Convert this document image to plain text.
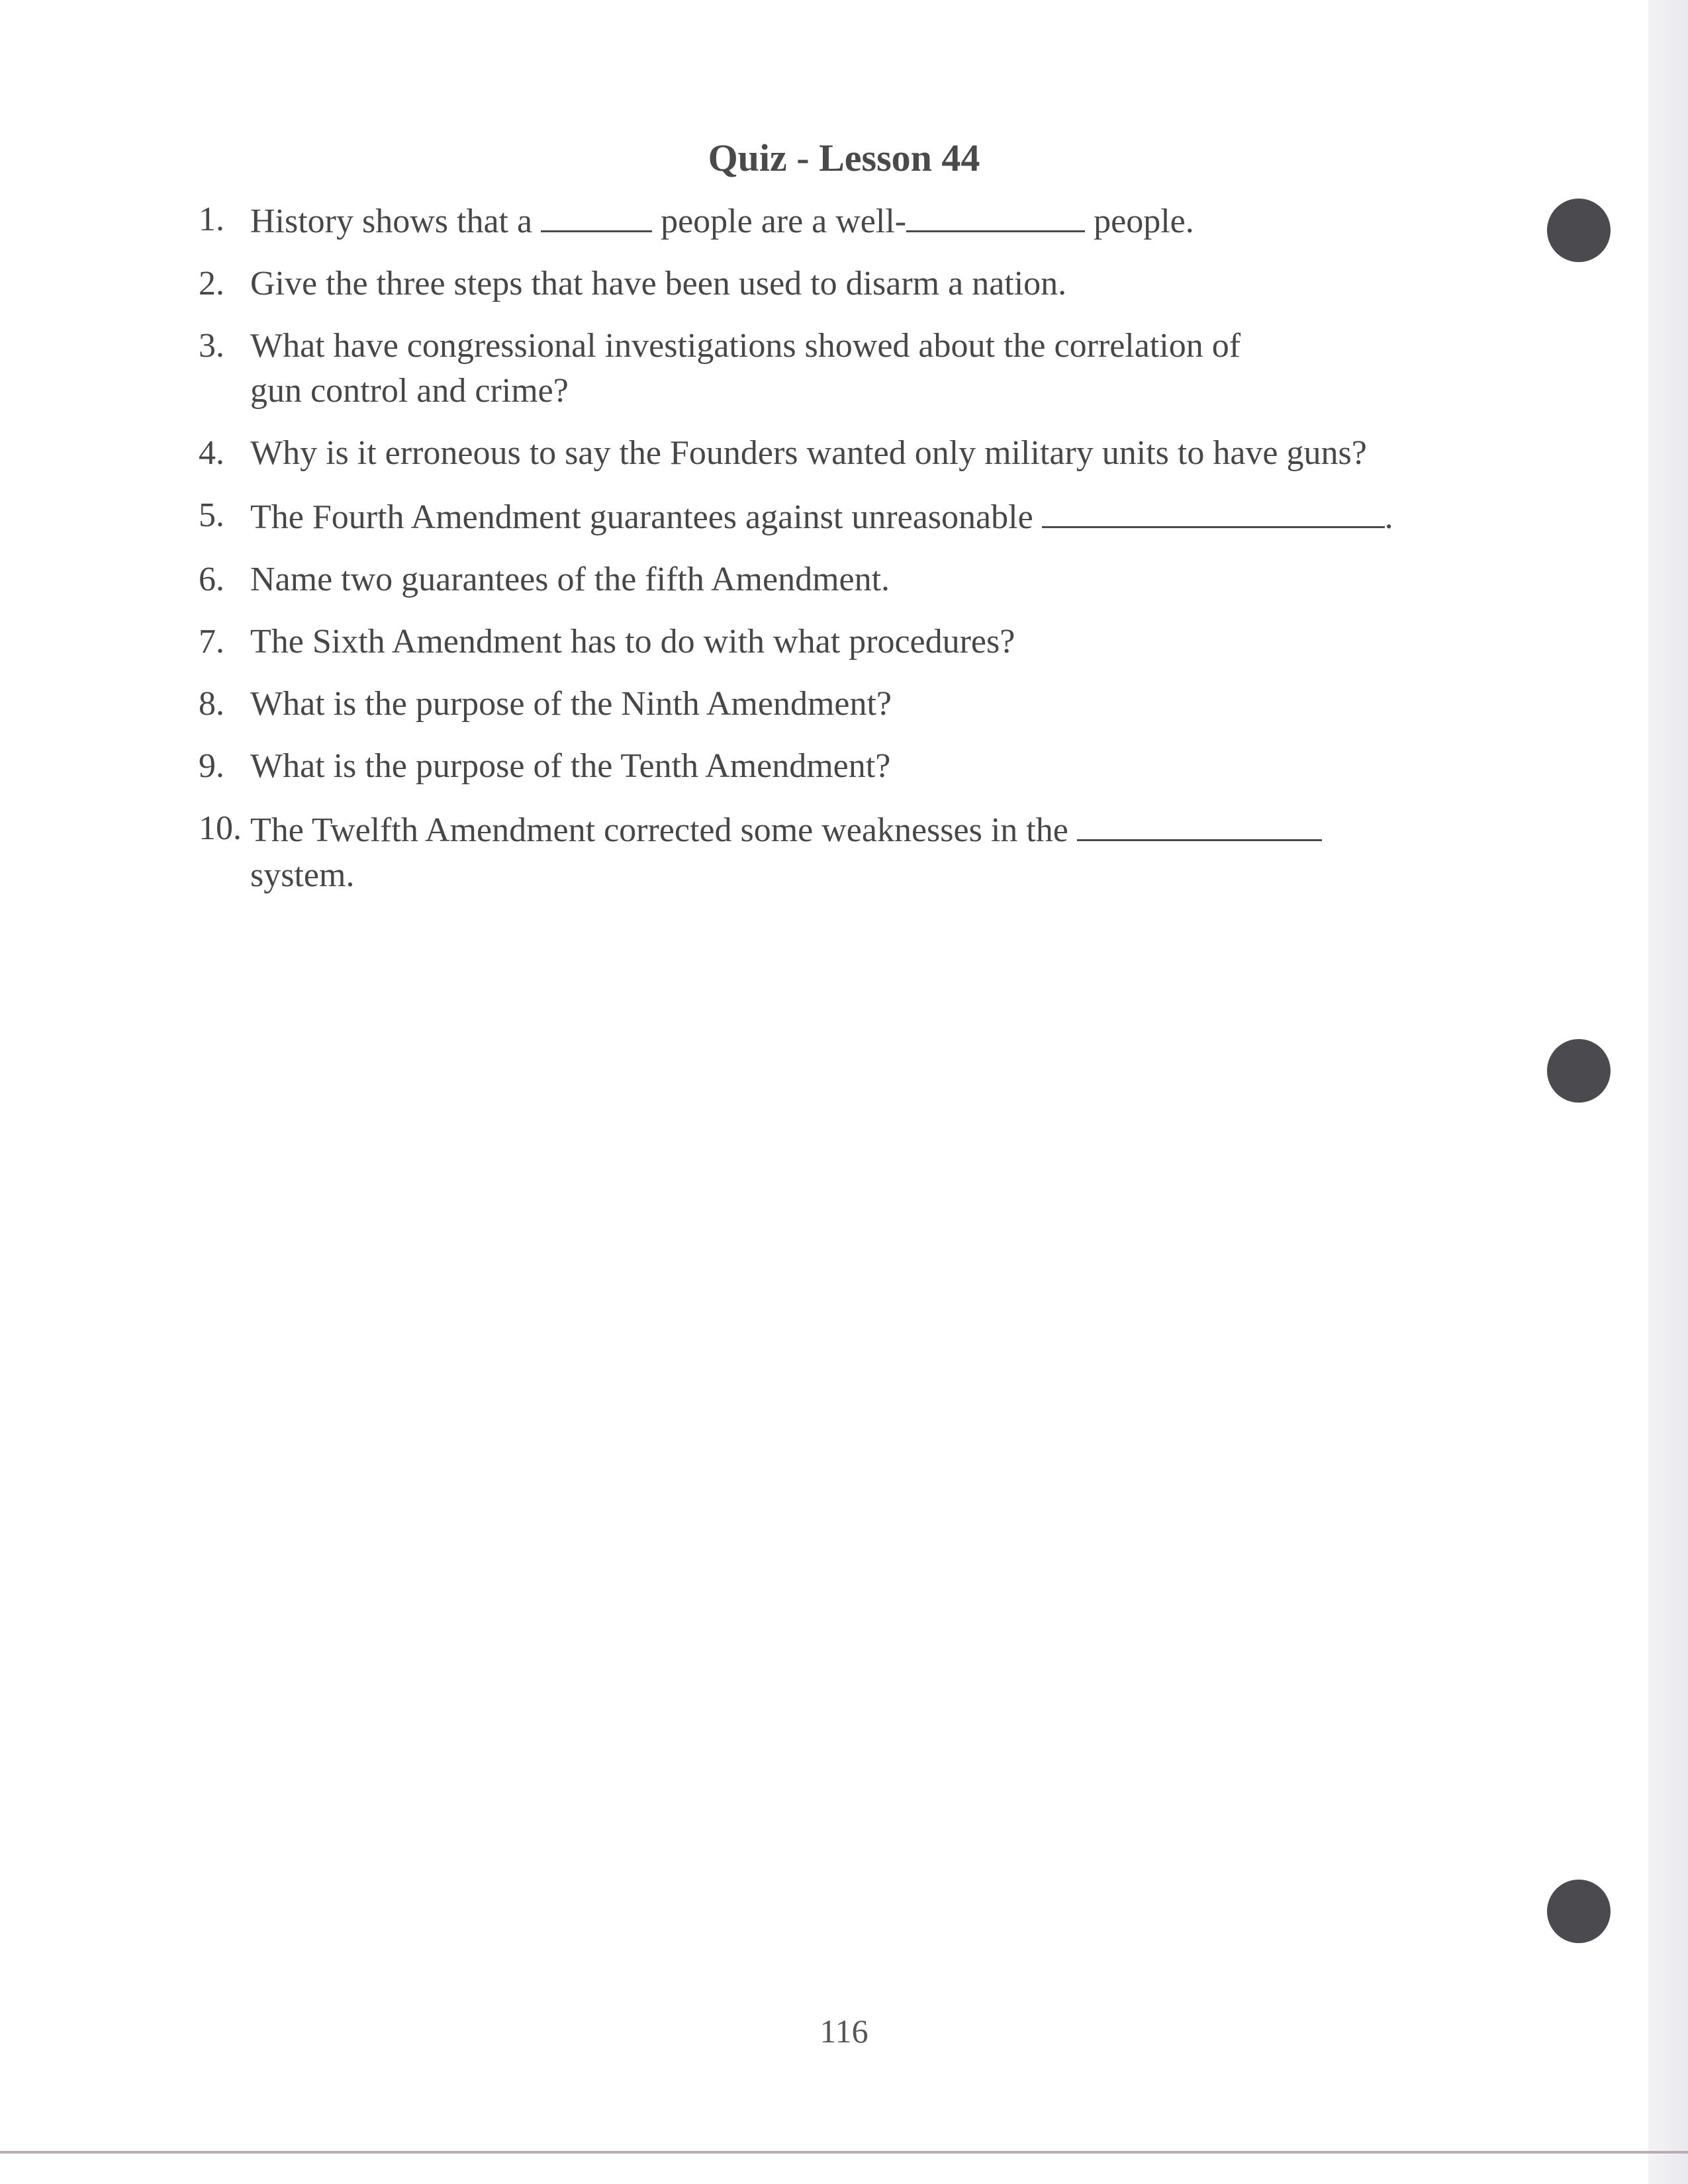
Quiz - Lesson 44
1. History shows that a	people are a well-	people.
2. Give the three steps that have been used to disarm a nation.
3. What have congressional investigations showed about the correlation of gun control and crime?
4. Why is it erroneous to say the Founders wanted only military units to have guns?
5. The Fourth Amendment guarantees against unreasonable	.
6. Name two guarantees of the fifth Amendment.
7. The Sixth Amendment has to do with what procedures?
8. What is the purpose of the Ninth Amendment?
9. What is the purpose of the Tenth Amendment?
10. The Twelfth Amendment corrected some weaknesses in the
system.
116
